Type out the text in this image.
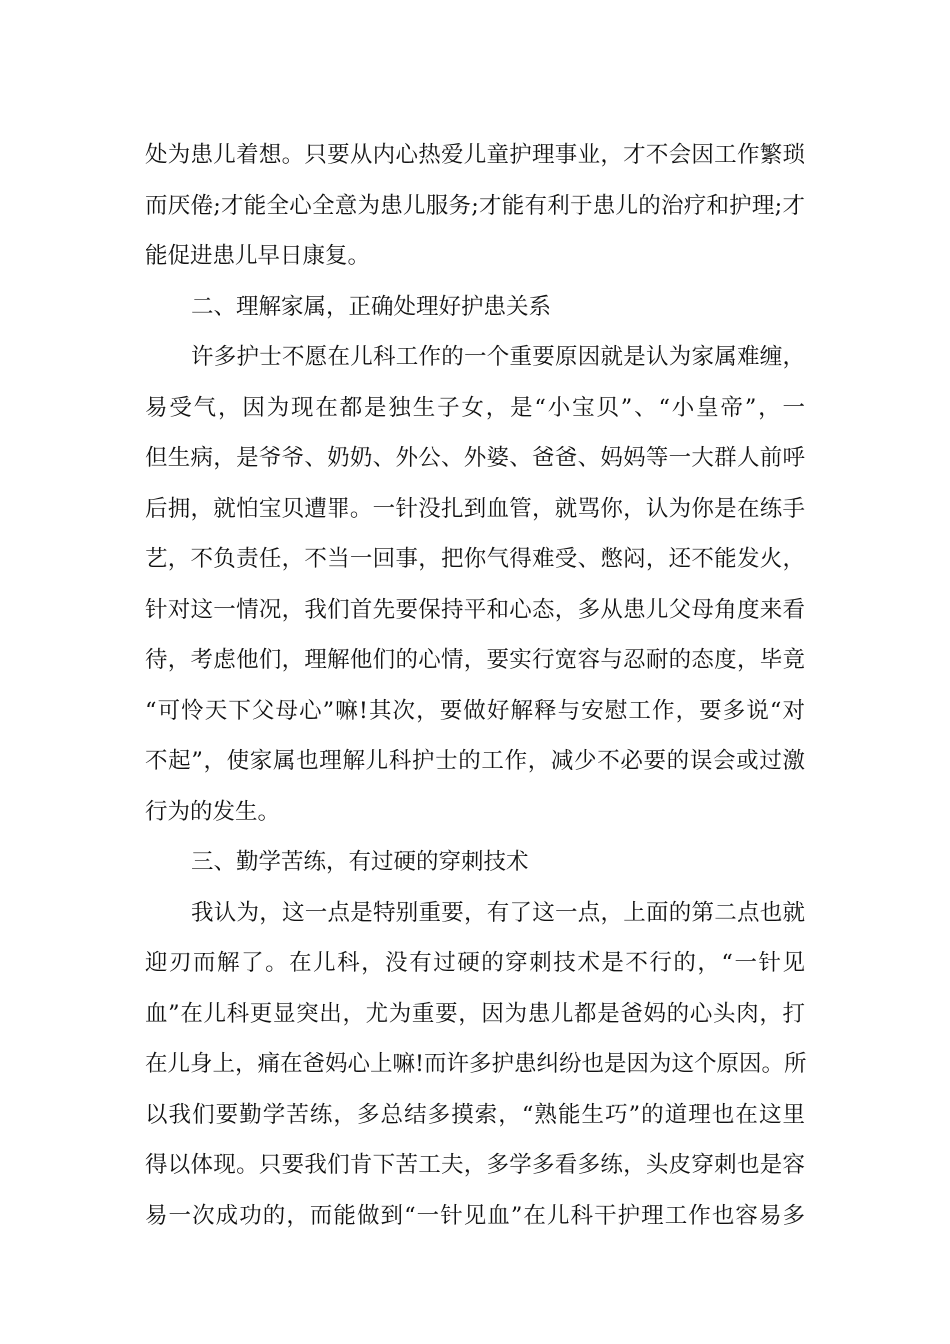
处为患儿着想。只要从内心热爱儿童护理事业，才不会因工作繁琐
而厌倦;才能全心全意为患儿服务;才能有利于患儿的治疗和护理;才
能促进患儿早日康复。
二、理解家属，正确处理好护患关系
许多护士不愿在儿科工作的一个重要原因就是认为家属难缠，
易受气，因为现在都是独生子女，是“小宝贝”、“小皇帝”，一
但生病，是爷爷、奶奶、外公、外婆、爸爸、妈妈等一大群人前呼
后拥，就怕宝贝遭罪。一针没扎到血管，就骂你，认为你是在练手
艺，不负责任，不当一回事，把你气得难受、憋闷，还不能发火，
针对这一情况，我们首先要保持平和心态，多从患儿父母角度来看
待，考虑他们，理解他们的心情，要实行宽容与忍耐的态度，毕竟
“可怜天下父母心”嘛!其次，要做好解释与安慰工作，要多说“对
不起”，使家属也理解儿科护士的工作，减少不必要的误会或过激
行为的发生。
三、勤学苦练，有过硬的穿刺技术
我认为，这一点是特别重要，有了这一点，上面的第二点也就
迎刃而解了。在儿科，没有过硬的穿刺技术是不行的，“一针见
血”在儿科更显突出，尤为重要，因为患儿都是爸妈的心头肉，打
在儿身上，痛在爸妈心上嘛!而许多护患纠纷也是因为这个原因。所
以我们要勤学苦练，多总结多摸索，“熟能生巧”的道理也在这里
得以体现。只要我们肯下苦工夫，多学多看多练，头皮穿刺也是容
易一次成功的，而能做到“一针见血”在儿科干护理工作也容易多
